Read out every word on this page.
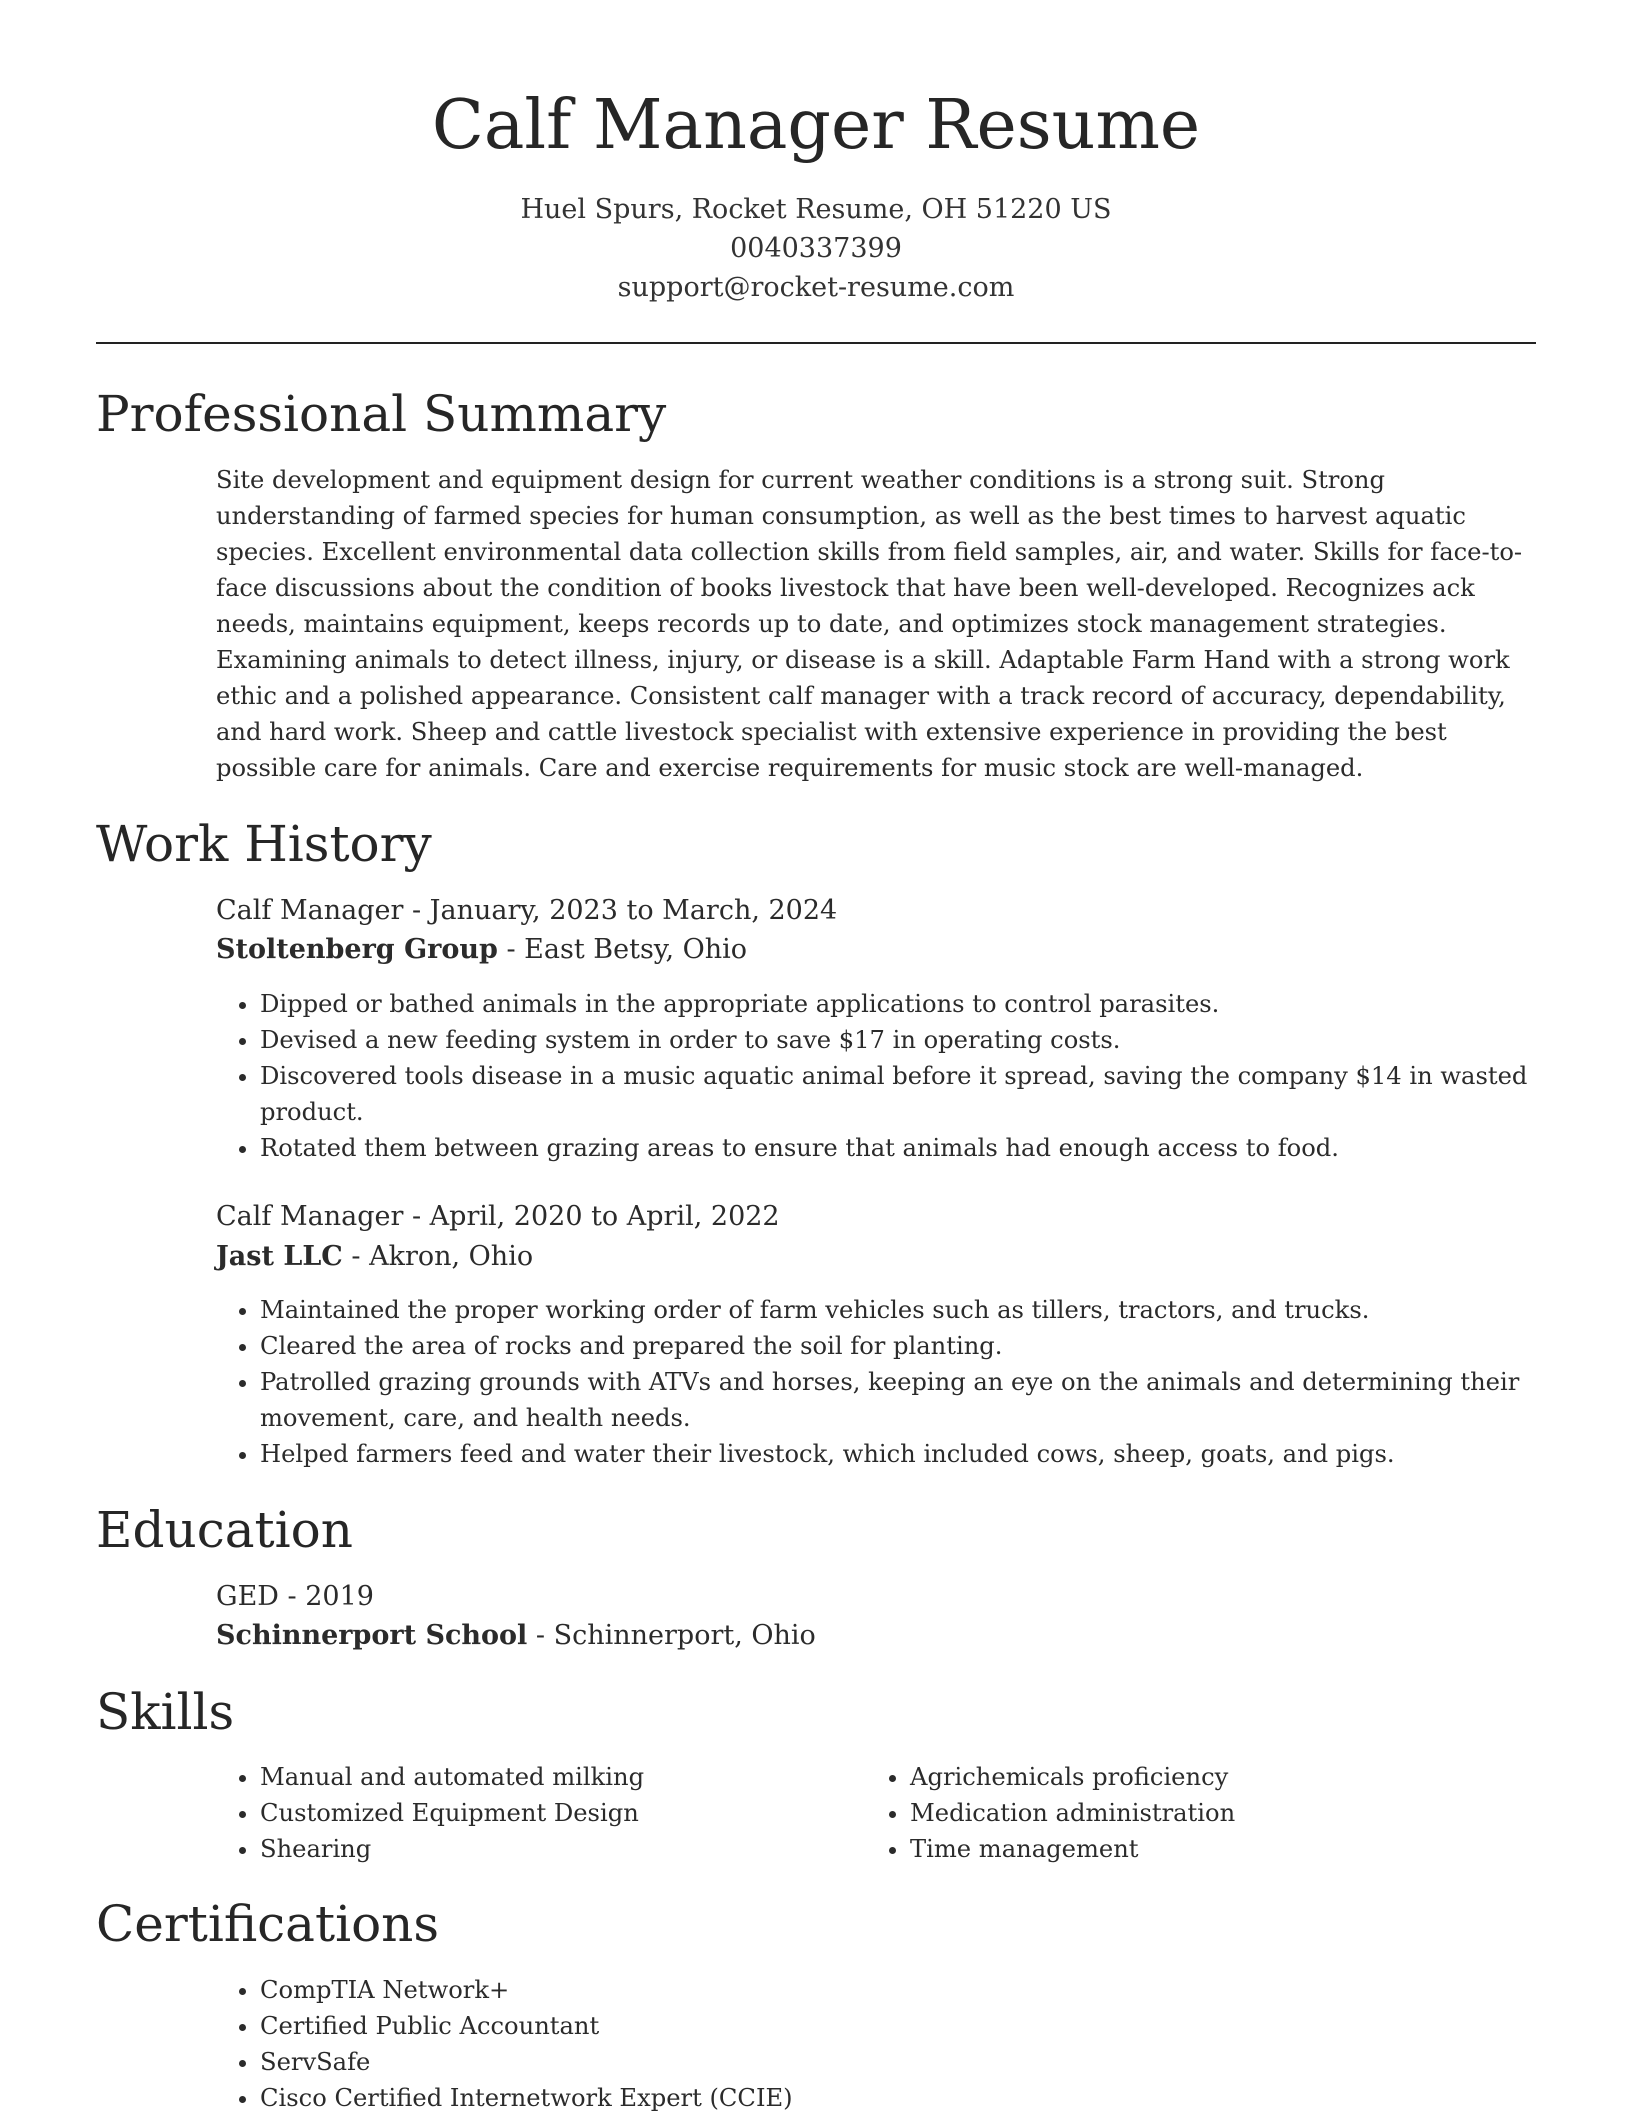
Calf Manager Resume
Huel Spurs, Rocket Resume, OH 51220 US
0040337399
support@rocket-resume.com
Professional Summary

Site development and equipment design for current weather conditions is a strong suit. Strong understanding of farmed species for human consumption, as well as the best times to harvest aquatic species. Excellent environmental data collection skills from field samples, air, and water. Skills for face-to-face discussions about the condition of books livestock that have been well-developed. Recognizes ack needs, maintains equipment, keeps records up to date, and optimizes stock management strategies. Examining animals to detect illness, injury, or disease is a skill. Adaptable Farm Hand with a strong work ethic and a polished appearance. Consistent calf manager with a track record of accuracy, dependability, and hard work. Sheep and cattle livestock specialist with extensive experience in providing the best possible care for animals. Care and exercise requirements for music stock are well-managed.

Work History
Calf Manager - January, 2023 to March, 2024
Stoltenberg Group - East Betsy, Ohio
• Dipped or bathed animals in the appropriate applications to control parasites.
• Devised a new feeding system in order to save $17 in operating costs.
• Discovered tools disease in a music aquatic animal before it spread, saving the company $14 in wasted product.
• Rotated them between grazing areas to ensure that animals had enough access to food.
Calf Manager - April, 2020 to April, 2022
Jast LLC - Akron, Ohio
• Maintained the proper working order of farm vehicles such as tillers, tractors, and trucks.
• Cleared the area of rocks and prepared the soil for planting.
• Patrolled grazing grounds with ATVs and horses, keeping an eye on the animals and determining their movement, care, and health needs.
• Helped farmers feed and water their livestock, which included cows, sheep, goats, and pigs.
Education
GED - 2019
Schinnerport School - Schinnerport, Ohio
Skills
• Manual and automated milking
• Customized Equipment Design
• Shearing
• Agrichemicals proficiency
• Medication administration
• Time management
Certifications
• CompTIA Network+
• Certified Public Accountant
• ServSafe
• Cisco Certified Internetwork Expert (CCIE)
